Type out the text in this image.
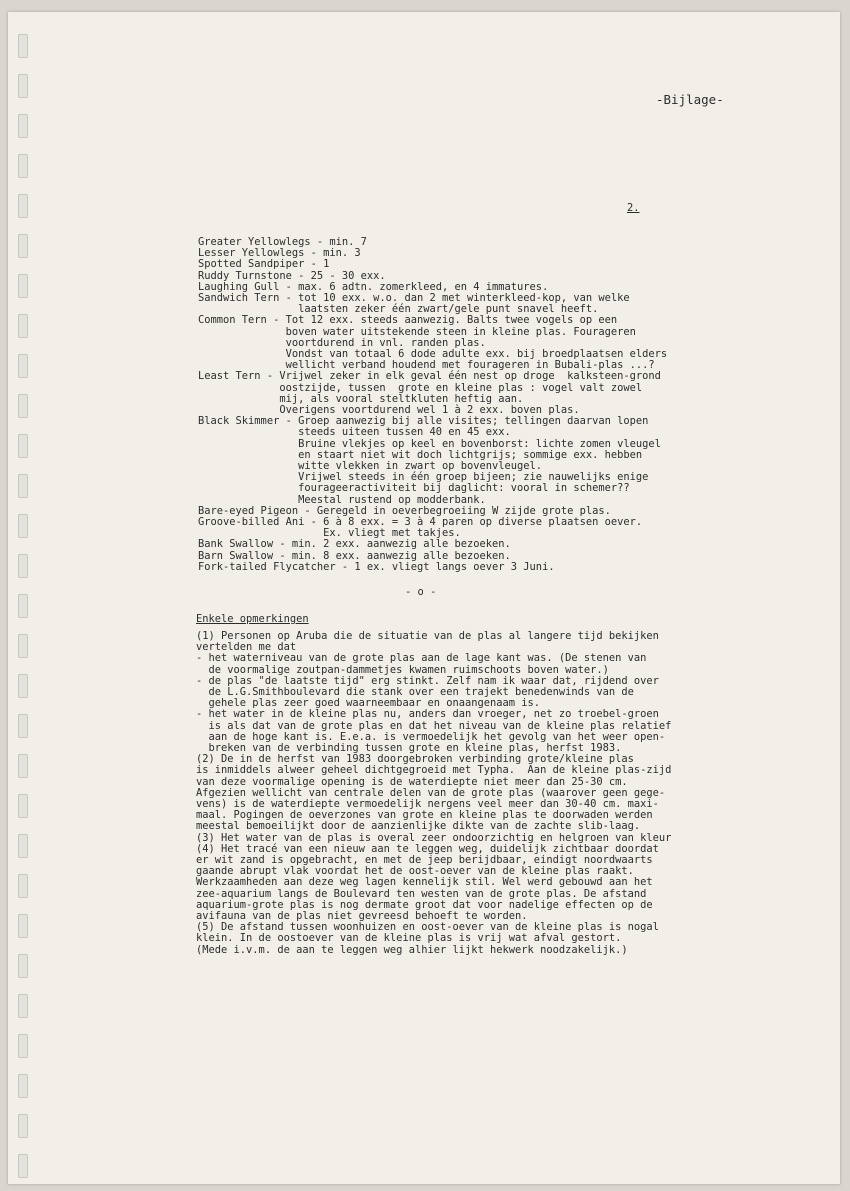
-Bijlage-
2.
Greater Yellowlegs - min. 7
Lesser Yellowlegs - min. 3
Spotted Sandpiper - 1
Ruddy Turnstone - 25 - 30 exx.
Laughing Gull - max. 6 adtn. zomerkleed, en 4 immatures.
Sandwich Tern - tot 10 exx. w.o. dan 2 met winterkleed-kop, van welke
laatsten zeker één zwart/gele punt snavel heeft.
Common Tern - Tot 12 exx. steeds aanwezig. Balts twee vogels op een
boven water uitstekende steen in kleine plas. Fourageren
voortdurend in vnl. randen plas.
Vondst van totaal 6 dode adulte exx. bij broedplaatsen elders
wellicht verband houdend met fourageren in Bubali-plas ...?
Least Tern - Vrijwel zeker in elk geval één nest op droge  kalksteen-grond
oostzijde, tussen  grote en kleine plas : vogel valt zowel
mij, als vooral steltkluten heftig aan.
Overigens voortdurend wel 1 à 2 exx. boven plas.
Black Skimmer - Groep aanwezig bij alle visites; tellingen daarvan lopen
steeds uiteen tussen 40 en 45 exx.
Bruine vlekjes op keel en bovenborst: lichte zomen vleugel
en staart niet wit doch lichtgrijs; sommige exx. hebben
witte vlekken in zwart op bovenvleugel.
Vrijwel steeds in één groep bijeen; zie nauwelijks enige
fourageeractiviteit bij daglicht: vooral in schemer??
Meestal rustend op modderbank.
Bare-eyed Pigeon - Geregeld in oeverbegroeiing W zijde grote plas.
Groove-billed Ani - 6 à 8 exx. = 3 à 4 paren op diverse plaatsen oever.
Ex. vliegt met takjes.
Bank Swallow - min. 2 exx. aanwezig alle bezoeken.
Barn Swallow - min. 8 exx. aanwezig alle bezoeken.
Fork-tailed Flycatcher - 1 ex. vliegt langs oever 3 Juni.
- o -
Enkele opmerkingen
(1) Personen op Aruba die de situatie van de plas al langere tijd bekijken
vertelden me dat
- het waterniveau van de grote plas aan de lage kant was. (De stenen van
de voormalige zoutpan-dammetjes kwamen ruimschoots boven water.)
- de plas "de laatste tijd" erg stinkt. Zelf nam ik waar dat, rijdend over
de L.G.Smithboulevard die stank over een trajekt benedenwinds van de
gehele plas zeer goed waarneembaar en onaangenaam is.
- het water in de kleine plas nu, anders dan vroeger, net zo troebel-groen
is als dat van de grote plas en dat het niveau van de kleine plas relatief
aan de hoge kant is. E.e.a. is vermoedelijk het gevolg van het weer open-
breken van de verbinding tussen grote en kleine plas, herfst 1983.
(2) De in de herfst van 1983 doorgebroken verbinding grote/kleine plas
is inmiddels alweer geheel dichtgegroeid met Typha.  Aan de kleine plas-zijd
van deze voormalige opening is de waterdiepte niet meer dan 25-30 cm.
Afgezien wellicht van centrale delen van de grote plas (waarover geen gege-
vens) is de waterdiepte vermoedelijk nergens veel meer dan 30-40 cm. maxi-
maal. Pogingen de oeverzones van grote en kleine plas te doorwaden werden
meestal bemoeilijkt door de aanzienlijke dikte van de zachte slib-laag.
(3) Het water van de plas is overal zeer ondoorzichtig en helgroen van kleur
(4) Het tracé van een nieuw aan te leggen weg, duidelijk zichtbaar doordat
er wit zand is opgebracht, en met de jeep berijdbaar, eindigt noordwaarts
gaande abrupt vlak voordat het de oost-oever van de kleine plas raakt.
Werkzaamheden aan deze weg lagen kennelijk stil. Wel werd gebouwd aan het
zee-aquarium langs de Boulevard ten westen van de grote plas. De afstand
aquarium-grote plas is nog dermate groot dat voor nadelige effecten op de
avifauna van de plas niet gevreesd behoeft te worden.
(5) De afstand tussen woonhuizen en oost-oever van de kleine plas is nogal
klein. In de oostoever van de kleine plas is vrij wat afval gestort.
(Mede i.v.m. de aan te leggen weg alhier lijkt hekwerk noodzakelijk.)
